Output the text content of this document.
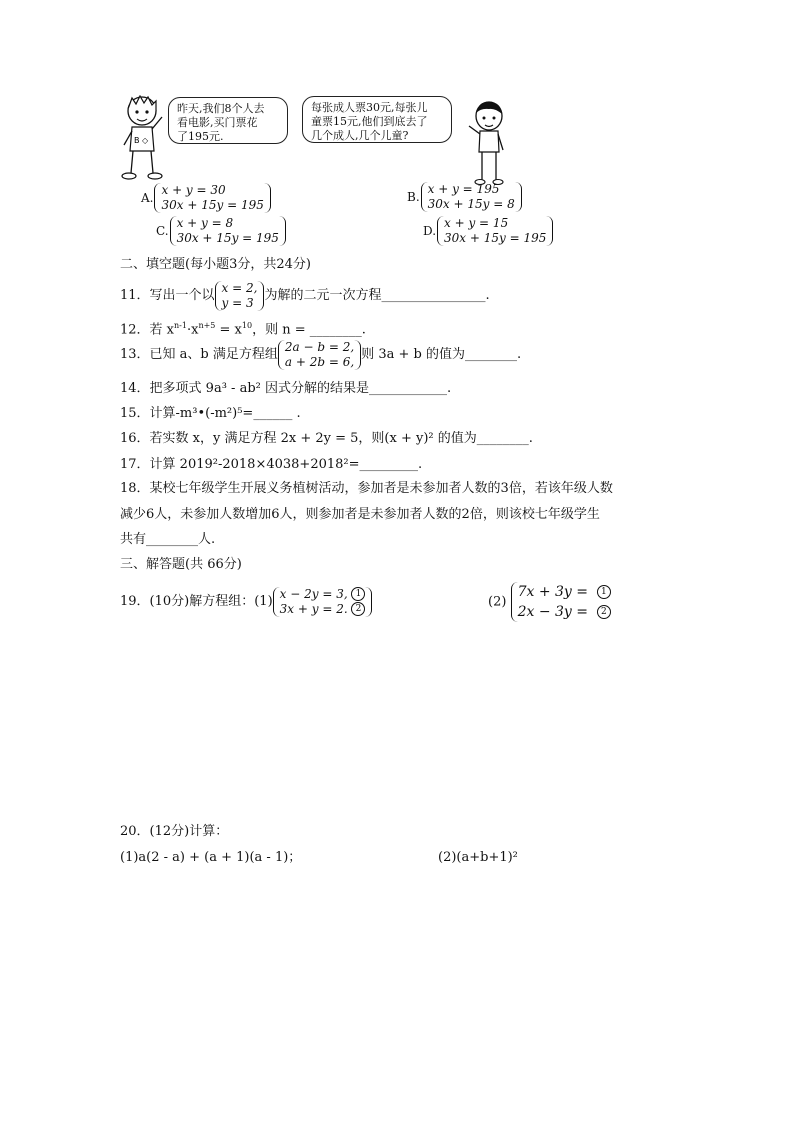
B ◇
昨天,我们8个人去
看电影,买门票花
了195元.
每张成人票30元,每张儿
童票15元,他们到底去了
几个成人,几个儿童?
A.
x + y = 30
30x + 15y = 195
B.
x + y = 195
30x + 15y = 8
C.
x + y = 8
30x + 15y = 195	D.
x + y = 15
30x + 15y = 195
二、填空题(每小题3分，共24分)
11．写出一个以
x = 2,
y = 3 为解的二元一次方程________________.
12．若 $x^{n-1}\cdot x^{n+5} = x^{10}$，则 n = ________.
13．已知 a、b 满足方程组
2a − b = 2,
a + 2b = 6, 则 3a + b 的值为________.
14．把多项式 9a³ - ab² 因式分解的结果是____________.
15．计算-m³•(-m²)⁵=______ .
16．若实数 x，y 满足方程 2x + 2y = 5，则(x + y)² 的值为________.
17．计算 2019²-2018×4038+2018²=_________.
18．某校七年级学生开展义务植树活动，参加者是未参加者人数的3倍，若该年级人数
减少6人，未参加人数增加6人，则参加者是未参加者人数的2倍，则该校七年级学生
共有________人.
三、解答题(共 66分)
19．(10分)解方程组：(1)
x − 2y = 3, 1
3x + y = 2. 2	(2)
7x + 3y = 1
2x − 3y = 2
20．(12分)计算：
(1)a(2 - a) + (a + 1)(a - 1)；	(2)(a+b+1)²
